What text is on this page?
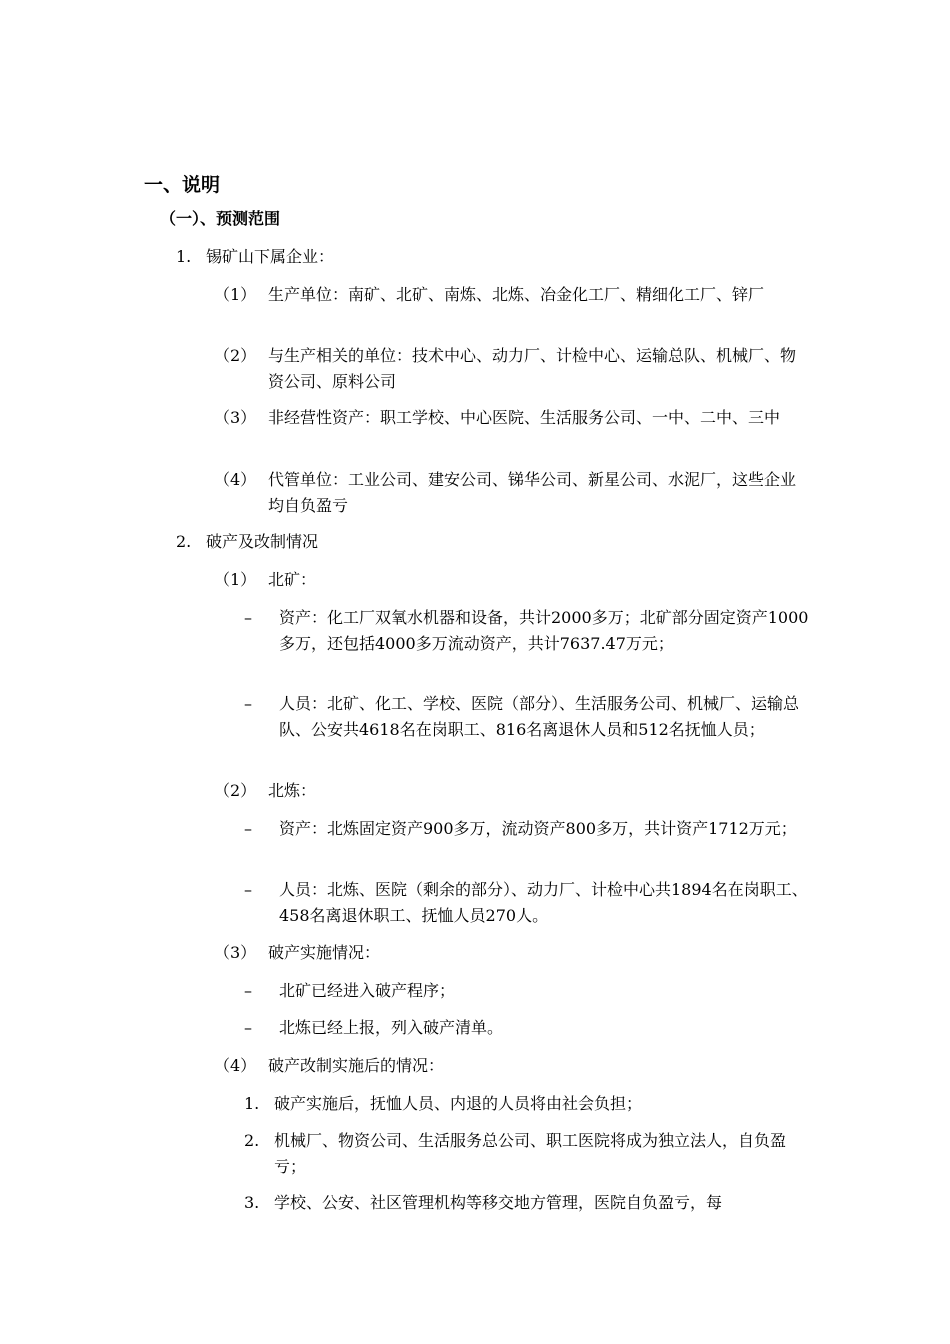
一、说明
（一）、预测范围
1. 锡矿山下属企业：
（1） 生产单位：南矿、北矿、南炼、北炼、冶金化工厂、精细化工厂、锌厂
（2） 与生产相关的单位：技术中心、动力厂、计检中心、运输总队、机械厂、物资公司、原料公司
（3） 非经营性资产：职工学校、中心医院、生活服务公司、一中、二中、三中
（4） 代管单位：工业公司、建安公司、锑华公司、新星公司、水泥厂，这些企业均自负盈亏
2. 破产及改制情况
（1） 北矿：
– 资产：化工厂双氧水机器和设备，共计2000多万；北矿部分固定资产1000多万，还包括4000多万流动资产，共计7637.47万元；
– 人员：北矿、化工、学校、医院（部分）、生活服务公司、机械厂、运输总队、公安共4618名在岗职工、816名离退休人员和512名抚恤人员；
（2） 北炼：
– 资产：北炼固定资产900多万，流动资产800多万，共计资产1712万元；
– 人员：北炼、医院（剩余的部分）、动力厂、计检中心共1894名在岗职工、458名离退休职工、抚恤人员270人。
（3） 破产实施情况：
– 北矿已经进入破产程序；
– 北炼已经上报，列入破产清单。
（4） 破产改制实施后的情况：
1. 破产实施后，抚恤人员、内退的人员将由社会负担；
2. 机械厂、物资公司、生活服务总公司、职工医院将成为独立法人，自负盈亏；
3. 学校、公安、社区管理机构等移交地方管理，医院自负盈亏，每
